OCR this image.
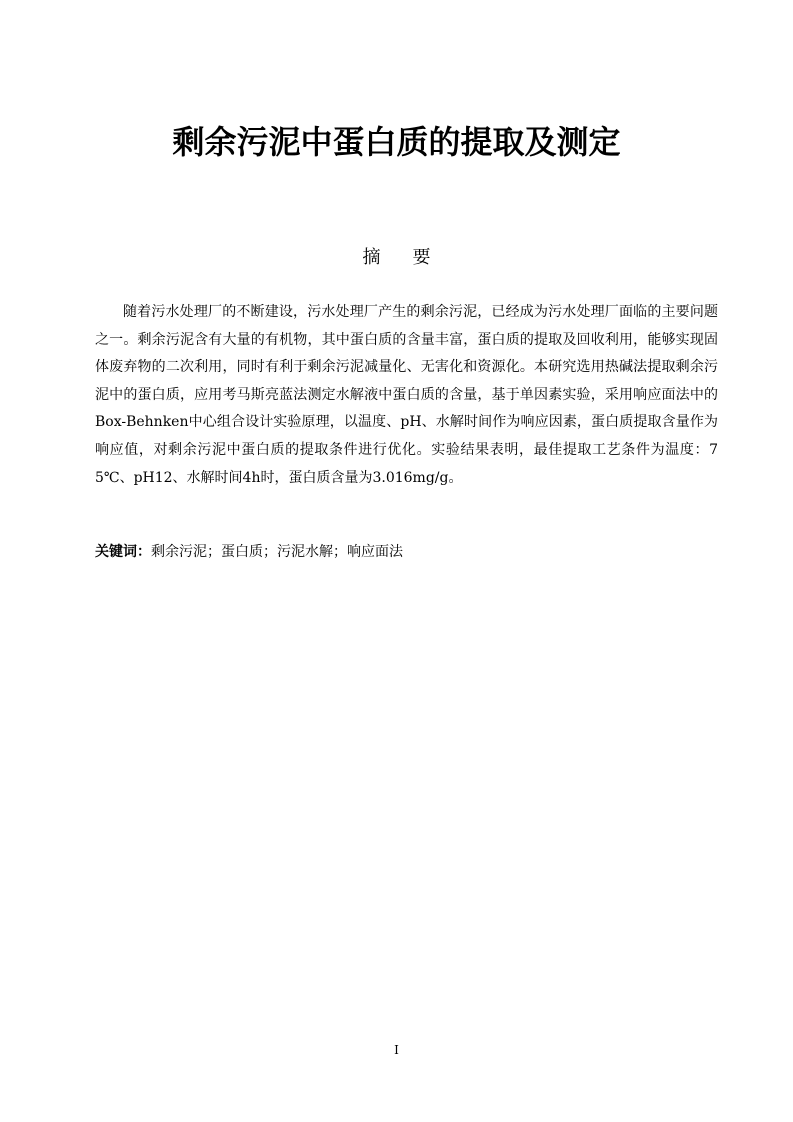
剩余污泥中蛋白质的提取及测定
摘 要

随着污水处理厂的不断建设，污水处理厂产生的剩余污泥，已经成为污水处理厂面临的主要问题之一。剩余污泥含有大量的有机物，其中蛋白质的含量丰富，蛋白质的提取及回收利用，能够实现固体废弃物的二次利用，同时有利于剩余污泥减量化、无害化和资源化。本研究选用热碱法提取剩余污泥中的蛋白质，应用考马斯亮蓝法测定水解液中蛋白质的含量，基于单因素实验，采用响应面法中的Box-Behnken中心组合设计实验原理，以温度、pH、水解时间作为响应因素，蛋白质提取含量作为响应值，对剩余污泥中蛋白质的提取条件进行优化。实验结果表明，最佳提取工艺条件为温度：75℃、pH12、水解时间4h时，蛋白质含量为3.016mg/g。

关键词：剩余污泥；蛋白质；污泥水解；响应面法

I
